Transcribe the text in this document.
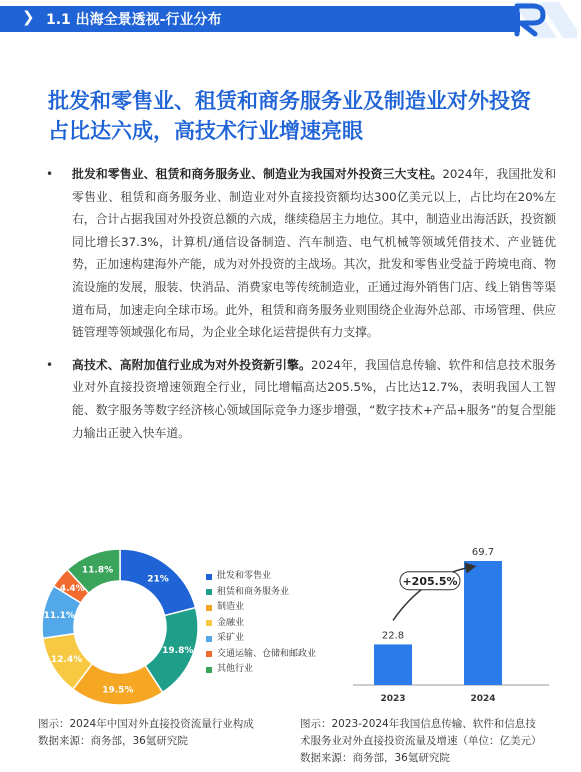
❯ 1.1 出海全景透视-行业分布
批发和零售业、租赁和商务服务业及制造业对外投资占比达六成，高技术行业增速亮眼
• 批发和零售业、租赁和商务服务业、制造业为我国对外投资三大支柱。2024年，我国批发和零售业、租赁和商务服务业、制造业对外直接投资额均达300亿美元以上，占比均在20%左右，合计占据我国对外投资总额的六成，继续稳居主力地位。其中，制造业出海活跃，投资额同比增长37.3%，计算机/通信设备制造、汽车制造、电气机械等领域凭借技术、产业链优势，正加速构建海外产能，成为对外投资的主战场。其次，批发和零售业受益于跨境电商、物流设施的发展，服装、快消品、消费家电等传统制造业，正通过海外销售门店、线上销售等渠道布局，加速走向全球市场。此外，租赁和商务服务业则围绕企业海外总部、市场管理、供应链管理等领域强化布局，为企业全球化运营提供有力支撑。
• 高技术、高附加值行业成为对外投资新引擎。2024年，我国信息传输、软件和信息技术服务业对外直接投资增速领跑全行业，同比增幅高达205.5%，占比达12.7%，表明我国人工智能、数字服务等数字经济核心领域国际竞争力逐步增强，“数字技术+产品+服务”的复合型能力输出正驶入快车道。
21%
19.8%
19.5%
12.4%
11.1%
4.4%
11.8%
批发和零售业
租赁和商务服务业
制造业
金融业
采矿业
交通运输、仓储和邮政业
其他行业
22.8
2023
69.7
2024
+205.5%
图示：2024年中国对外直接投资流量行业构成
数据来源：商务部，36氪研究院
图示：2023-2024年我国信息传输、软件和信息技
术服务业对外直接投资流量及增速（单位：亿美元）
数据来源：商务部，36氪研究院
